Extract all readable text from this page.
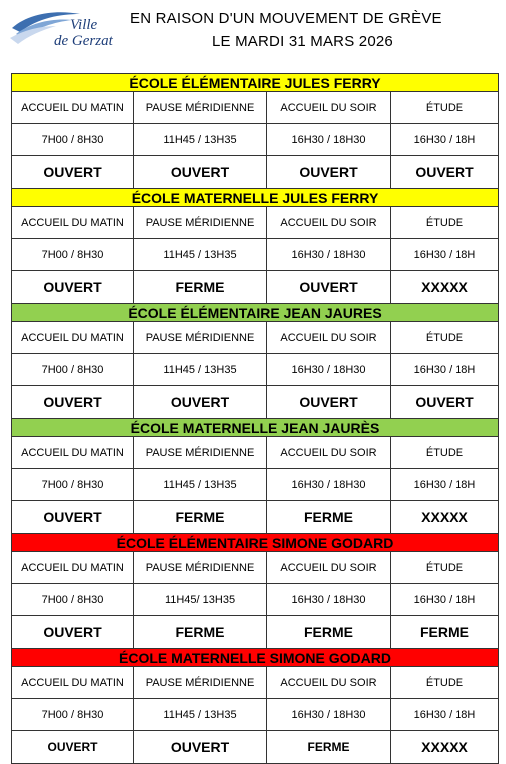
Ville
de Gerzat
EN RAISON D'UN MOUVEMENT DE GRÈVE
LE MARDI 31 MARS 2026
ÉCOLE ÉLÉMENTAIRE JULES FERRY			
ACCUEIL DU MATIN	PAUSE MÉRIDIENNE	ACCUEIL DU SOIR	ÉTUDE
7H00 / 8H30	11H45 / 13H35	16H30 / 18H30	16H30 / 18H
OUVERT	OUVERT	OUVERT	OUVERT
ÉCOLE MATERNELLE JULES FERRY			
ACCUEIL DU MATIN	PAUSE MÉRIDIENNE	ACCUEIL DU SOIR	ÉTUDE
7H00 / 8H30	11H45 / 13H35	16H30 / 18H30	16H30 / 18H
OUVERT	FERME	OUVERT	XXXXX
ÉCOLE ÉLÉMENTAIRE JEAN JAURES			
ACCUEIL DU MATIN	PAUSE MÉRIDIENNE	ACCUEIL DU SOIR	ÉTUDE
7H00 / 8H30	11H45 / 13H35	16H30 / 18H30	16H30 / 18H
OUVERT	OUVERT	OUVERT	OUVERT
ÉCOLE MATERNELLE JEAN JAURÈS			
ACCUEIL DU MATIN	PAUSE MÉRIDIENNE	ACCUEIL DU SOIR	ÉTUDE
7H00 / 8H30	11H45 / 13H35	16H30 / 18H30	16H30 / 18H
OUVERT	FERME	FERME	XXXXX
ÉCOLE ÉLÉMENTAIRE SIMONE GODARD			
ACCUEIL DU MATIN	PAUSE MÉRIDIENNE	ACCUEIL DU SOIR	ÉTUDE
7H00 / 8H30	11H45/ 13H35	16H30 / 18H30	16H30 / 18H
OUVERT	FERME	FERME	FERME
ÉCOLE MATERNELLE SIMONE GODARD			
ACCUEIL DU MATIN	PAUSE MÉRIDIENNE	ACCUEIL DU SOIR	ÉTUDE
7H00 / 8H30	11H45 / 13H35	16H30 / 18H30	16H30 / 18H
OUVERT	OUVERT	FERME	XXXXX
